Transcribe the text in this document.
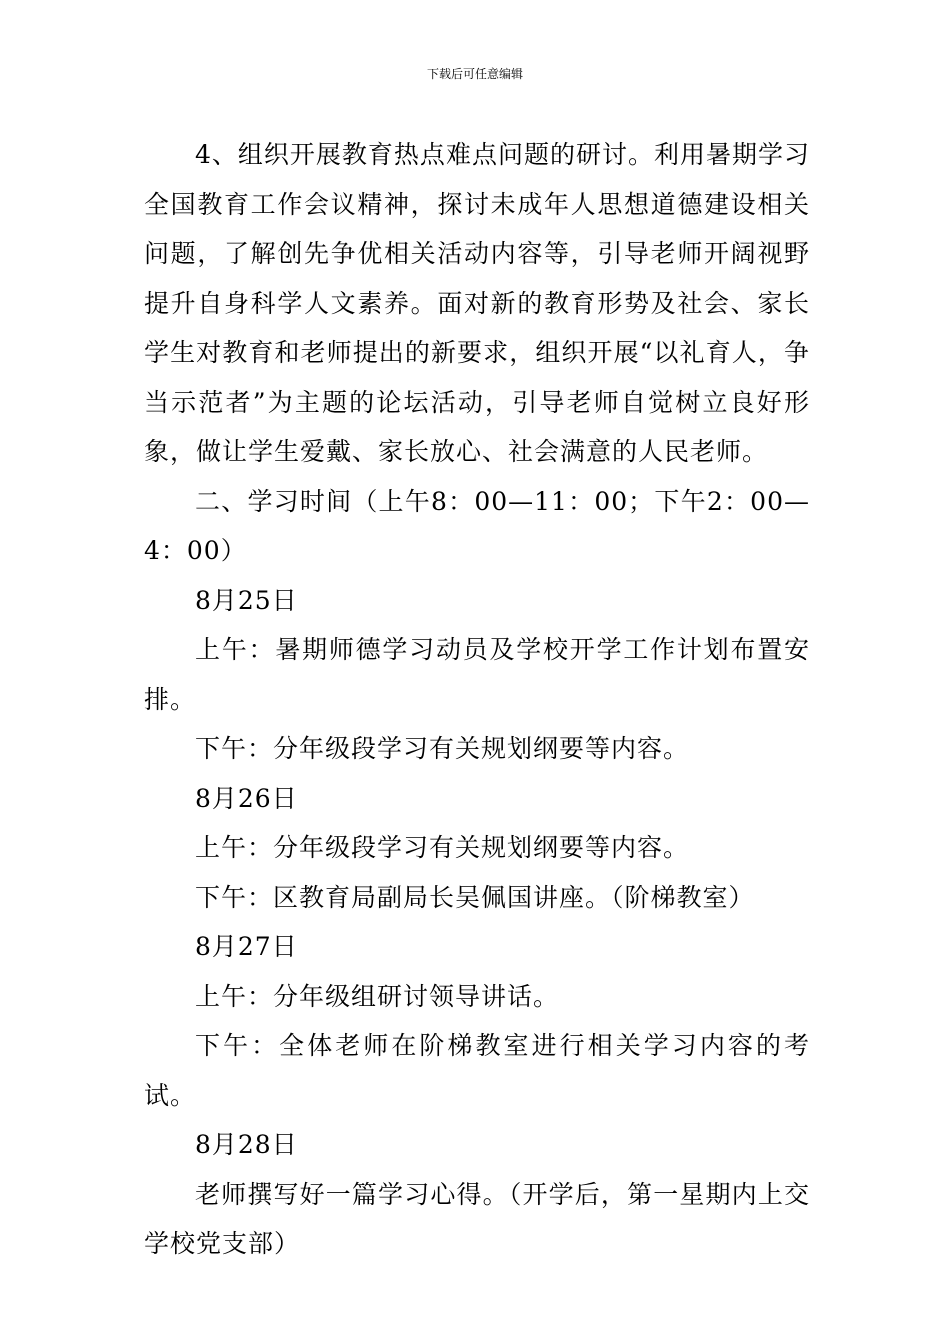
下载后可任意编辑

4、组织开展教育热点难点问题的研讨。利用暑期学习全国教育工作会议精神，探讨未成年人思想道德建设相关问题，了解创先争优相关活动内容等，引导老师开阔视野提升自身科学人文素养。面对新的教育形势及社会、家长学生对教育和老师提出的新要求，组织开展“以礼育人，争当示范者”为主题的论坛活动，引导老师自觉树立良好形象，做让学生爱戴、家长放心、社会满意的人民老师。

二、学习时间（上午8：00—11：00；下午2：00—4：00）

8月25日

上午：暑期师德学习动员及学校开学工作计划布置安排。

下午：分年级段学习有关规划纲要等内容。

8月26日

上午：分年级段学习有关规划纲要等内容。

下午：区教育局副局长吴佩国讲座。（阶梯教室）

8月27日

上午：分年级组研讨领导讲话。

下午：全体老师在阶梯教室进行相关学习内容的考试。

8月28日

老师撰写好一篇学习心得。（开学后，第一星期内上交学校党支部）
